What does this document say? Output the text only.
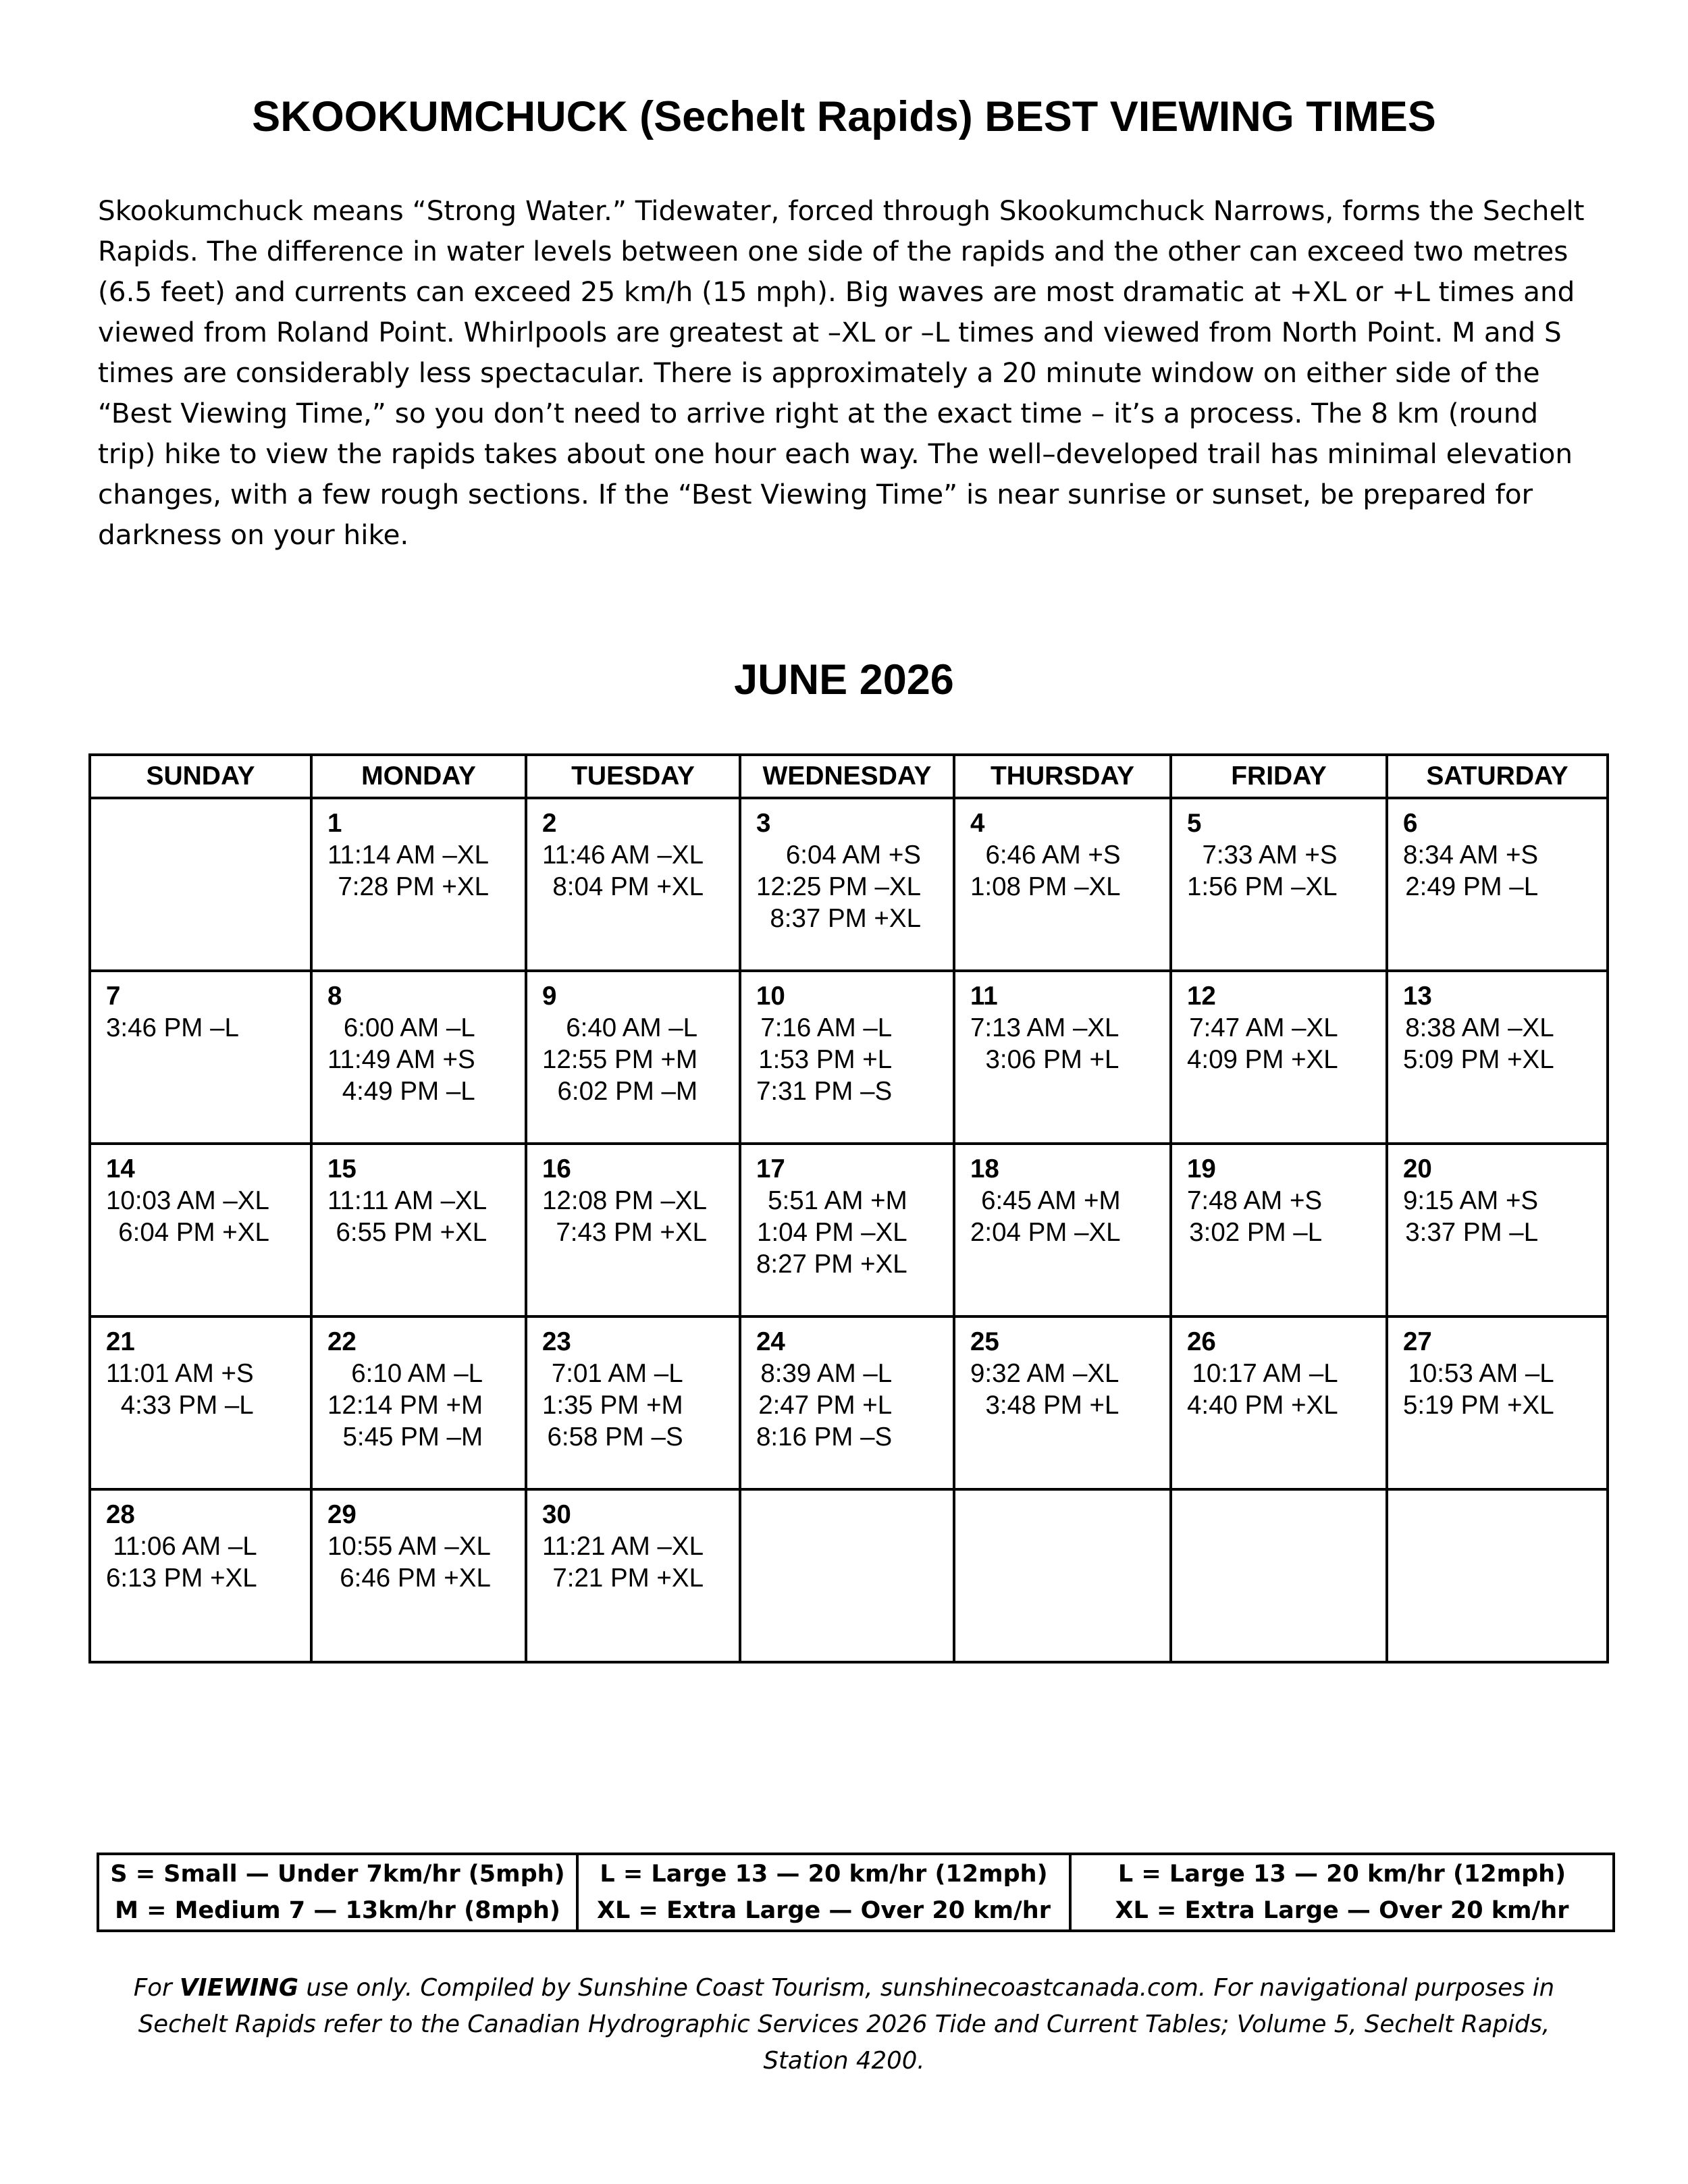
SKOOKUMCHUCK (Sechelt Rapids) BEST VIEWING TIMES

Skookumchuck means “Strong Water.” Tidewater, forced through Skookumchuck Narrows, forms the Sechelt Rapids. The difference in water levels between one side of the rapids and the other can exceed two metres (6.5 feet) and currents can exceed 25 km/h (15 mph). Big waves are most dramatic at +XL or +L times and viewed from Roland Point. Whirlpools are greatest at –XL or –L times and viewed from North Point. M and S times are considerably less spectacular. There is approximately a 20 minute window on either side of the “Best Viewing Time,” so you don’t need to arrive right at the exact time – it’s a process. The 8 km (round trip) hike to view the rapids takes about one hour each way. The well–developed trail has minimal elevation changes, with a few rough sections. If the “Best Viewing Time” is near sunrise or sunset, be prepared for darkness on your hike.

JUNE 2026
SUNDAY	MONDAY	TUESDAY	WEDNESDAY	THURSDAY	FRIDAY	SATURDAY

	1
11:14 AM –XL
7:28 PM +XL	2
11:46 AM –XL
8:04 PM +XL	3
6:04 AM +S
12:25 PM –XL
8:37 PM +XL	4
6:46 AM +S
1:08 PM –XL	5
7:33 AM +S
1:56 PM –XL	6
8:34 AM +S
2:49 PM –L

7
3:46 PM –L	8
6:00 AM –L
11:49 AM +S
4:49 PM –L	9
6:40 AM –L
12:55 PM +M
6:02 PM –M	10
7:16 AM –L
1:53 PM +L
7:31 PM –S	11
7:13 AM –XL
3:06 PM +L	12
7:47 AM –XL
4:09 PM +XL	13
8:38 AM –XL
5:09 PM +XL

14
10:03 AM –XL
6:04 PM +XL	15
11:11 AM –XL
6:55 PM +XL	16
12:08 PM –XL
7:43 PM +XL	17
5:51 AM +M
1:04 PM –XL
8:27 PM +XL	18
6:45 AM +M
2:04 PM –XL	19
7:48 AM +S
3:02 PM –L	20
9:15 AM +S
3:37 PM –L

21
11:01 AM +S
4:33 PM –L	22
6:10 AM –L
12:14 PM +M
5:45 PM –M	23
7:01 AM –L
1:35 PM +M
6:58 PM –S	24
8:39 AM –L
2:47 PM +L
8:16 PM –S	25
9:32 AM –XL
3:48 PM +L	26
10:17 AM –L
4:40 PM +XL	27
10:53 AM –L
5:19 PM +XL

28
11:06 AM –L
6:13 PM +XL	29
10:55 AM –XL
6:46 PM +XL	30
11:21 AM –XL
7:21 PM +XL				

S = Small — Under 7km/hr (5mph)
M = Medium 7 — 13km/hr (8mph)

L = Large 13 — 20 km/hr (12mph)
XL = Extra Large — Over 20 km/hr

L = Large 13 — 20 km/hr (12mph)
XL = Extra Large — Over 20 km/hr

For VIEWING use only. Compiled by Sunshine Coast Tourism, sunshinecoastcanada.com. For navigational purposes in Sechelt Rapids refer to the Canadian Hydrographic Services 2026 Tide and Current Tables; Volume 5, Sechelt Rapids, Station 4200.
